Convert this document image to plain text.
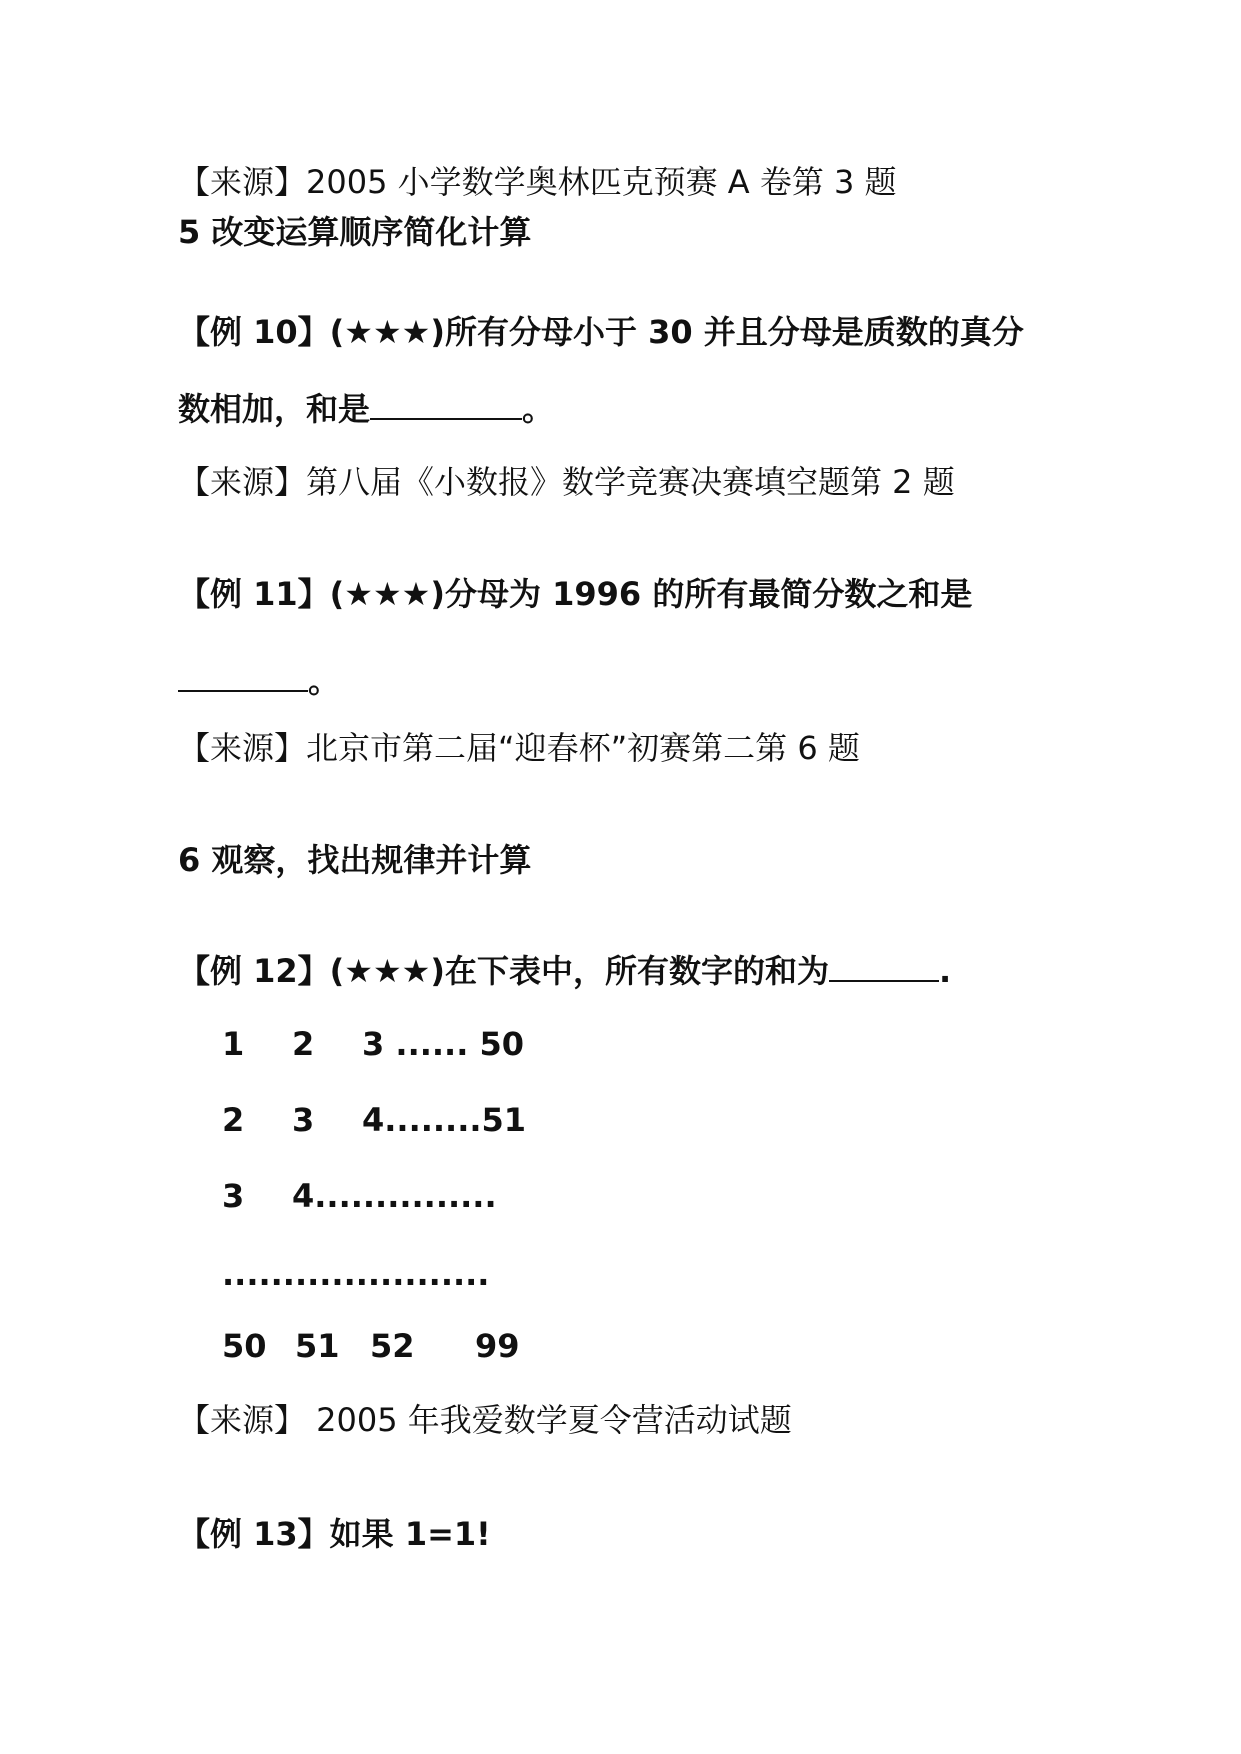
【来源】2005 小学数学奥林匹克预赛 A 卷第 3 题
5 改变运算顺序简化计算
【例 10】(★★★)所有分母小于 30 并且分母是质数的真分
数相加，和是	。
【来源】第八届《小数报》数学竞赛决赛填空题第 2 题
【例 11】(★★★)分母为 1996 的所有最简分数之和是
。
【来源】北京市第二届“迎春杯”初赛第二第 6 题
6 观察，找出规律并计算
【例 12】(★★★)在下表中，所有数字的和为	.
1 2 3 ...... 50
2 3 4........51
3 4...............
......................
50 51 52 99
【来源】 2005 年我爱数学夏令营活动试题
【例 13】如果 1=1!
